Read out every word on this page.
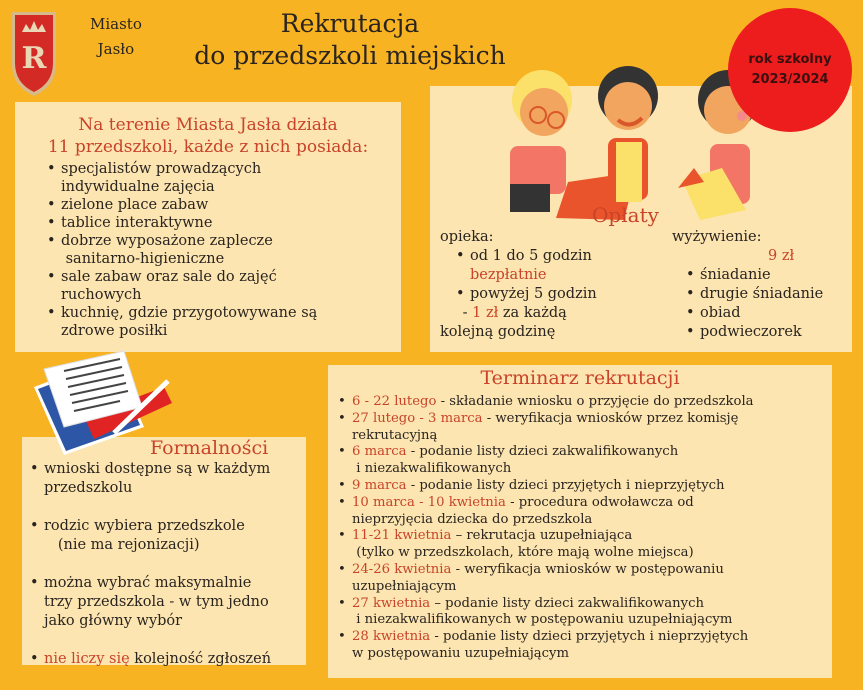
R
Miasto
Jasło
Rekrutacja
do przedszkoli miejskich
Na terenie Miasta Jasła działa
11 przedszkoli, każde z nich posiada:
• specjalistów prowadzących
indywidualne zajęcia
• zielone place zabaw
• tablice interaktywne
• dobrze wyposażone zaplecze
sanitarno-higieniczne
• sale zabaw oraz sale do zajęć
ruchowych
• kuchnię, gdzie przygotowywane są
zdrowe posiłki
rok szkolny
2023/2024
Opłaty
opieka:
• od 1 do 5 godzin
bezpłatnie
• powyżej 5 godzin
- 1 zł za każdą
kolejną godzinę
wyżywienie:
9 zł
• śniadanie
• drugie śniadanie
• obiad
• podwieczorek
Formalności
• wnioski dostępne są w każdym
przedszkolu
• rodzic wybiera przedszkole
(nie ma rejonizacji)
• można wybrać maksymalnie
trzy przedszkola - w tym jedno
jako główny wybór
• nie liczy się kolejność zgłoszeń
Terminarz rekrutacji
• 6 - 22 lutego - składanie wniosku o przyjęcie do przedszkola
• 27 lutego - 3 marca - weryfikacja wniosków przez komisję
rekrutacyjną
• 6 marca - podanie listy dzieci zakwalifikowanych
i niezakwalifikowanych
• 9 marca - podanie listy dzieci przyjętych i nieprzyjętych
• 10 marca - 10 kwietnia - procedura odwoławcza od
nieprzyjęcia dziecka do przedszkola
• 11-21 kwietnia – rekrutacja uzupełniająca
(tylko w przedszkolach, które mają wolne miejsca)
• 24-26 kwietnia - weryfikacja wniosków w postępowaniu
uzupełniającym
• 27 kwietnia – podanie listy dzieci zakwalifikowanych
i niezakwalifikowanych w postępowaniu uzupełniającym
• 28 kwietnia - podanie listy dzieci przyjętych i nieprzyjętych
w postępowaniu uzupełniającym
